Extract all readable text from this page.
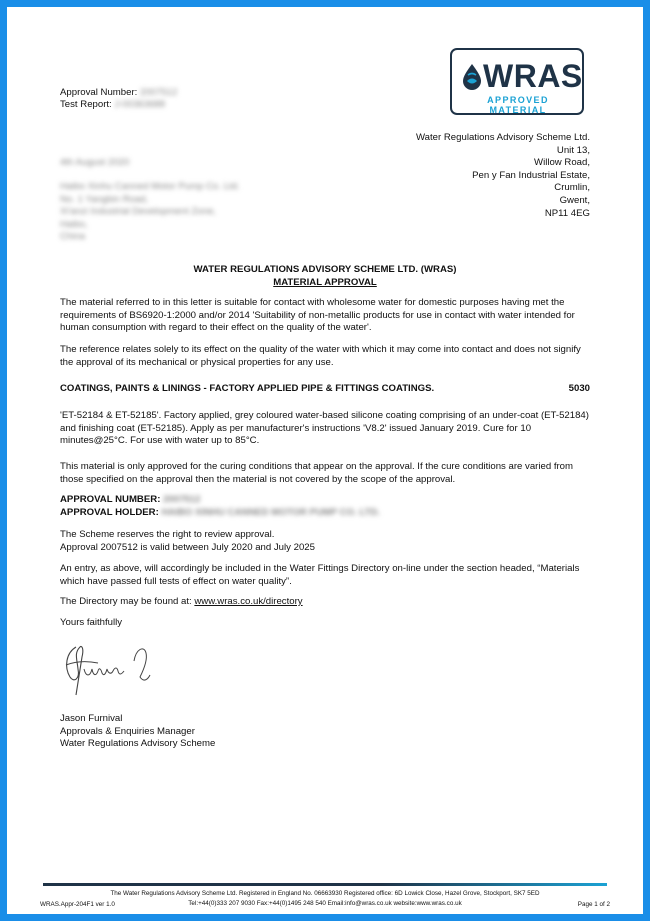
Approval Number: 2007512
Test Report: J-00363688
WRAS
APPROVED MATERIAL
Water Regulations Advisory Scheme Ltd.
Unit 13,
Willow Road,
Pen y Fan Industrial Estate,
Crumlin,
Gwent,
NP11 4EG
4th August 2020
Haibo Xinhu Canned Motor Pump Co. Ltd.
No. 1 Yangbin Road,
Xi'anzi Industrial Development Zone,
Haibo,
China
WATER REGULATIONS ADVISORY SCHEME LTD. (WRAS)
MATERIAL APPROVAL
The material referred to in this letter is suitable for contact with wholesome water for domestic purposes having met the requirements of BS6920-1:2000 and/or 2014 'Suitability of non-metallic products for use in contact with water intended for human consumption with regard to their effect on the quality of the water'.
The reference relates solely to its effect on the quality of the water with which it may come into contact and does not signify the approval of its mechanical or physical properties for any use.
COATINGS, PAINTS & LININGS - FACTORY APPLIED PIPE & FITTINGS COATINGS.	5030
'ET-52184 & ET-52185'. Factory applied, grey coloured water-based silicone coating comprising of an under-coat (ET-52184) and finishing coat (ET-52185). Apply as per manufacturer's instructions 'V8.2' issued January 2019. Cure for 10 minutes@25°C. For use with water up to 85°C.
This material is only approved for the curing conditions that appear on the approval. If the cure conditions are varied from those specified on the approval then the material is not covered by the scope of the approval.
APPROVAL NUMBER: 2007512
APPROVAL HOLDER: HAIBO XINHU CANNED MOTOR PUMP CO. LTD.
The Scheme reserves the right to review approval.
Approval 2007512 is valid between July 2020 and July 2025
An entry, as above, will accordingly be included in the Water Fittings Directory on-line under the section headed, “Materials which have passed full tests of effect on water quality”.
The Directory may be found at: www.wras.co.uk/directory
Yours faithfully
Jason Furnival
Approvals & Enquiries Manager
Water Regulations Advisory Scheme
The Water Regulations Advisory Scheme Ltd. Registered in England No. 06663930 Registered office: 6D Lowick Close, Hazel Grove, Stockport, SK7 5ED
Tel:+44(0)333 207 9030 Fax:+44(0)1495 248 540 Email:info@wras.co.uk website:www.wras.co.uk
WRAS.Appr-204F1 ver 1.0	Page 1 of 2
